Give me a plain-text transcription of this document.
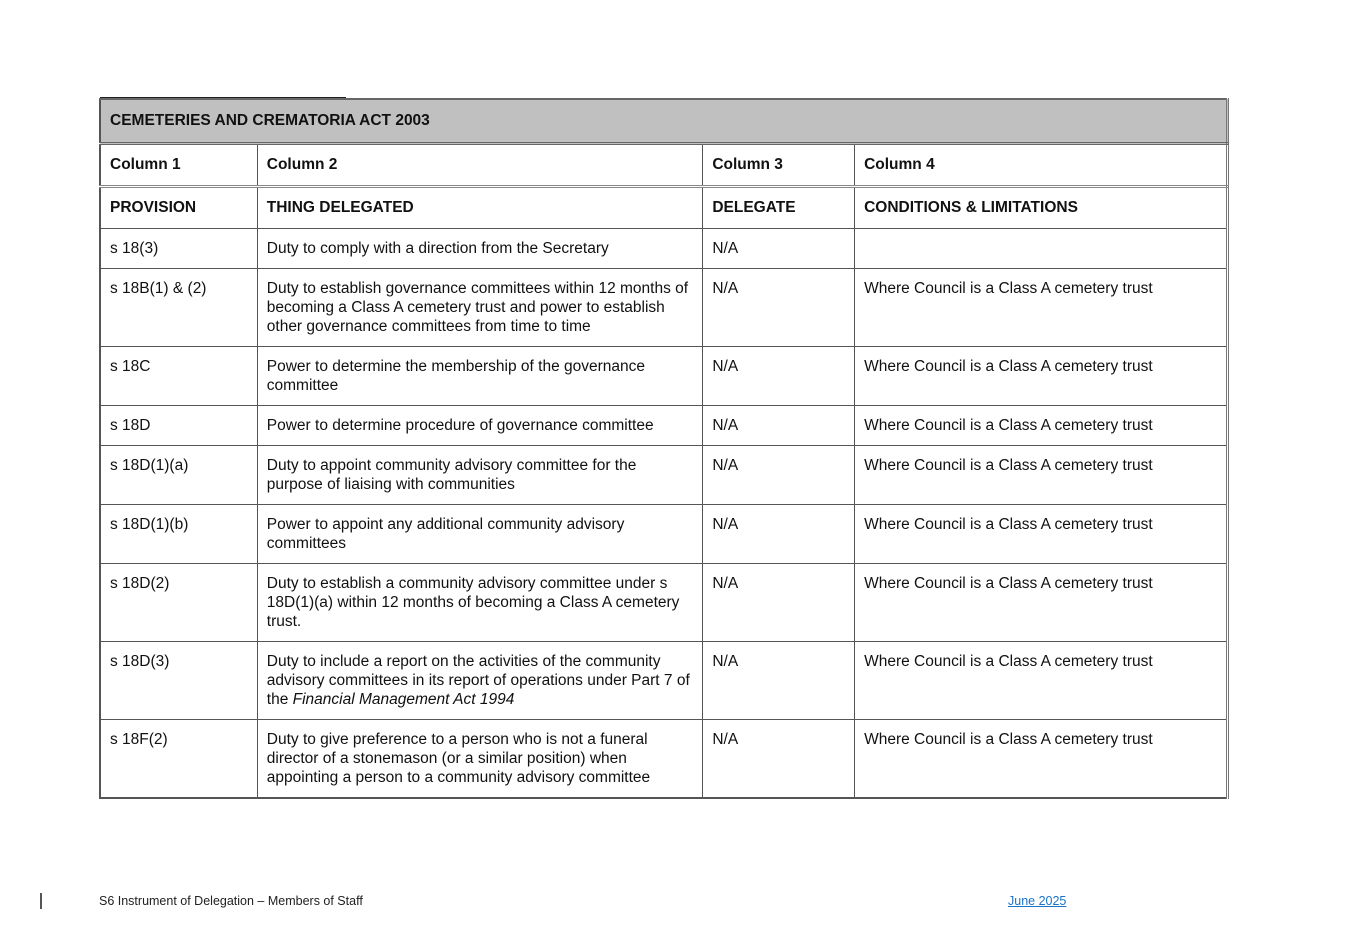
CEMETERIES AND CREMATORIA ACT 2003			
Column 1	Column 2	Column 3	Column 4
PROVISION	THING DELEGATED	DELEGATE	CONDITIONS & LIMITATIONS
s 18(3)	Duty to comply with a direction from the Secretary	N/A	
s 18B(1) & (2)	Duty to establish governance committees within 12 months of becoming a Class A cemetery trust and power to establish other governance committees from time to time	N/A	Where Council is a Class A cemetery trust
s 18C	Power to determine the membership of the governance committee	N/A	Where Council is a Class A cemetery trust
s 18D	Power to determine procedure of governance committee	N/A	Where Council is a Class A cemetery trust
s 18D(1)(a)	Duty to appoint community advisory committee for the purpose of liaising with communities	N/A	Where Council is a Class A cemetery trust
s 18D(1)(b)	Power to appoint any additional community advisory committees	N/A	Where Council is a Class A cemetery trust
s 18D(2)	Duty to establish a community advisory committee under s 18D(1)(a) within 12 months of becoming a Class A cemetery trust.	N/A	Where Council is a Class A cemetery trust
s 18D(3)	Duty to include a report on the activities of the community advisory committees in its report of operations under Part 7 of the Financial Management Act 1994	N/A	Where Council is a Class A cemetery trust
s 18F(2)	Duty to give preference to a person who is not a funeral director of a stonemason (or a similar position) when appointing a person to a community advisory committee	N/A	Where Council is a Class A cemetery trust
S6 Instrument of Delegation – Members of Staff	June 2025
